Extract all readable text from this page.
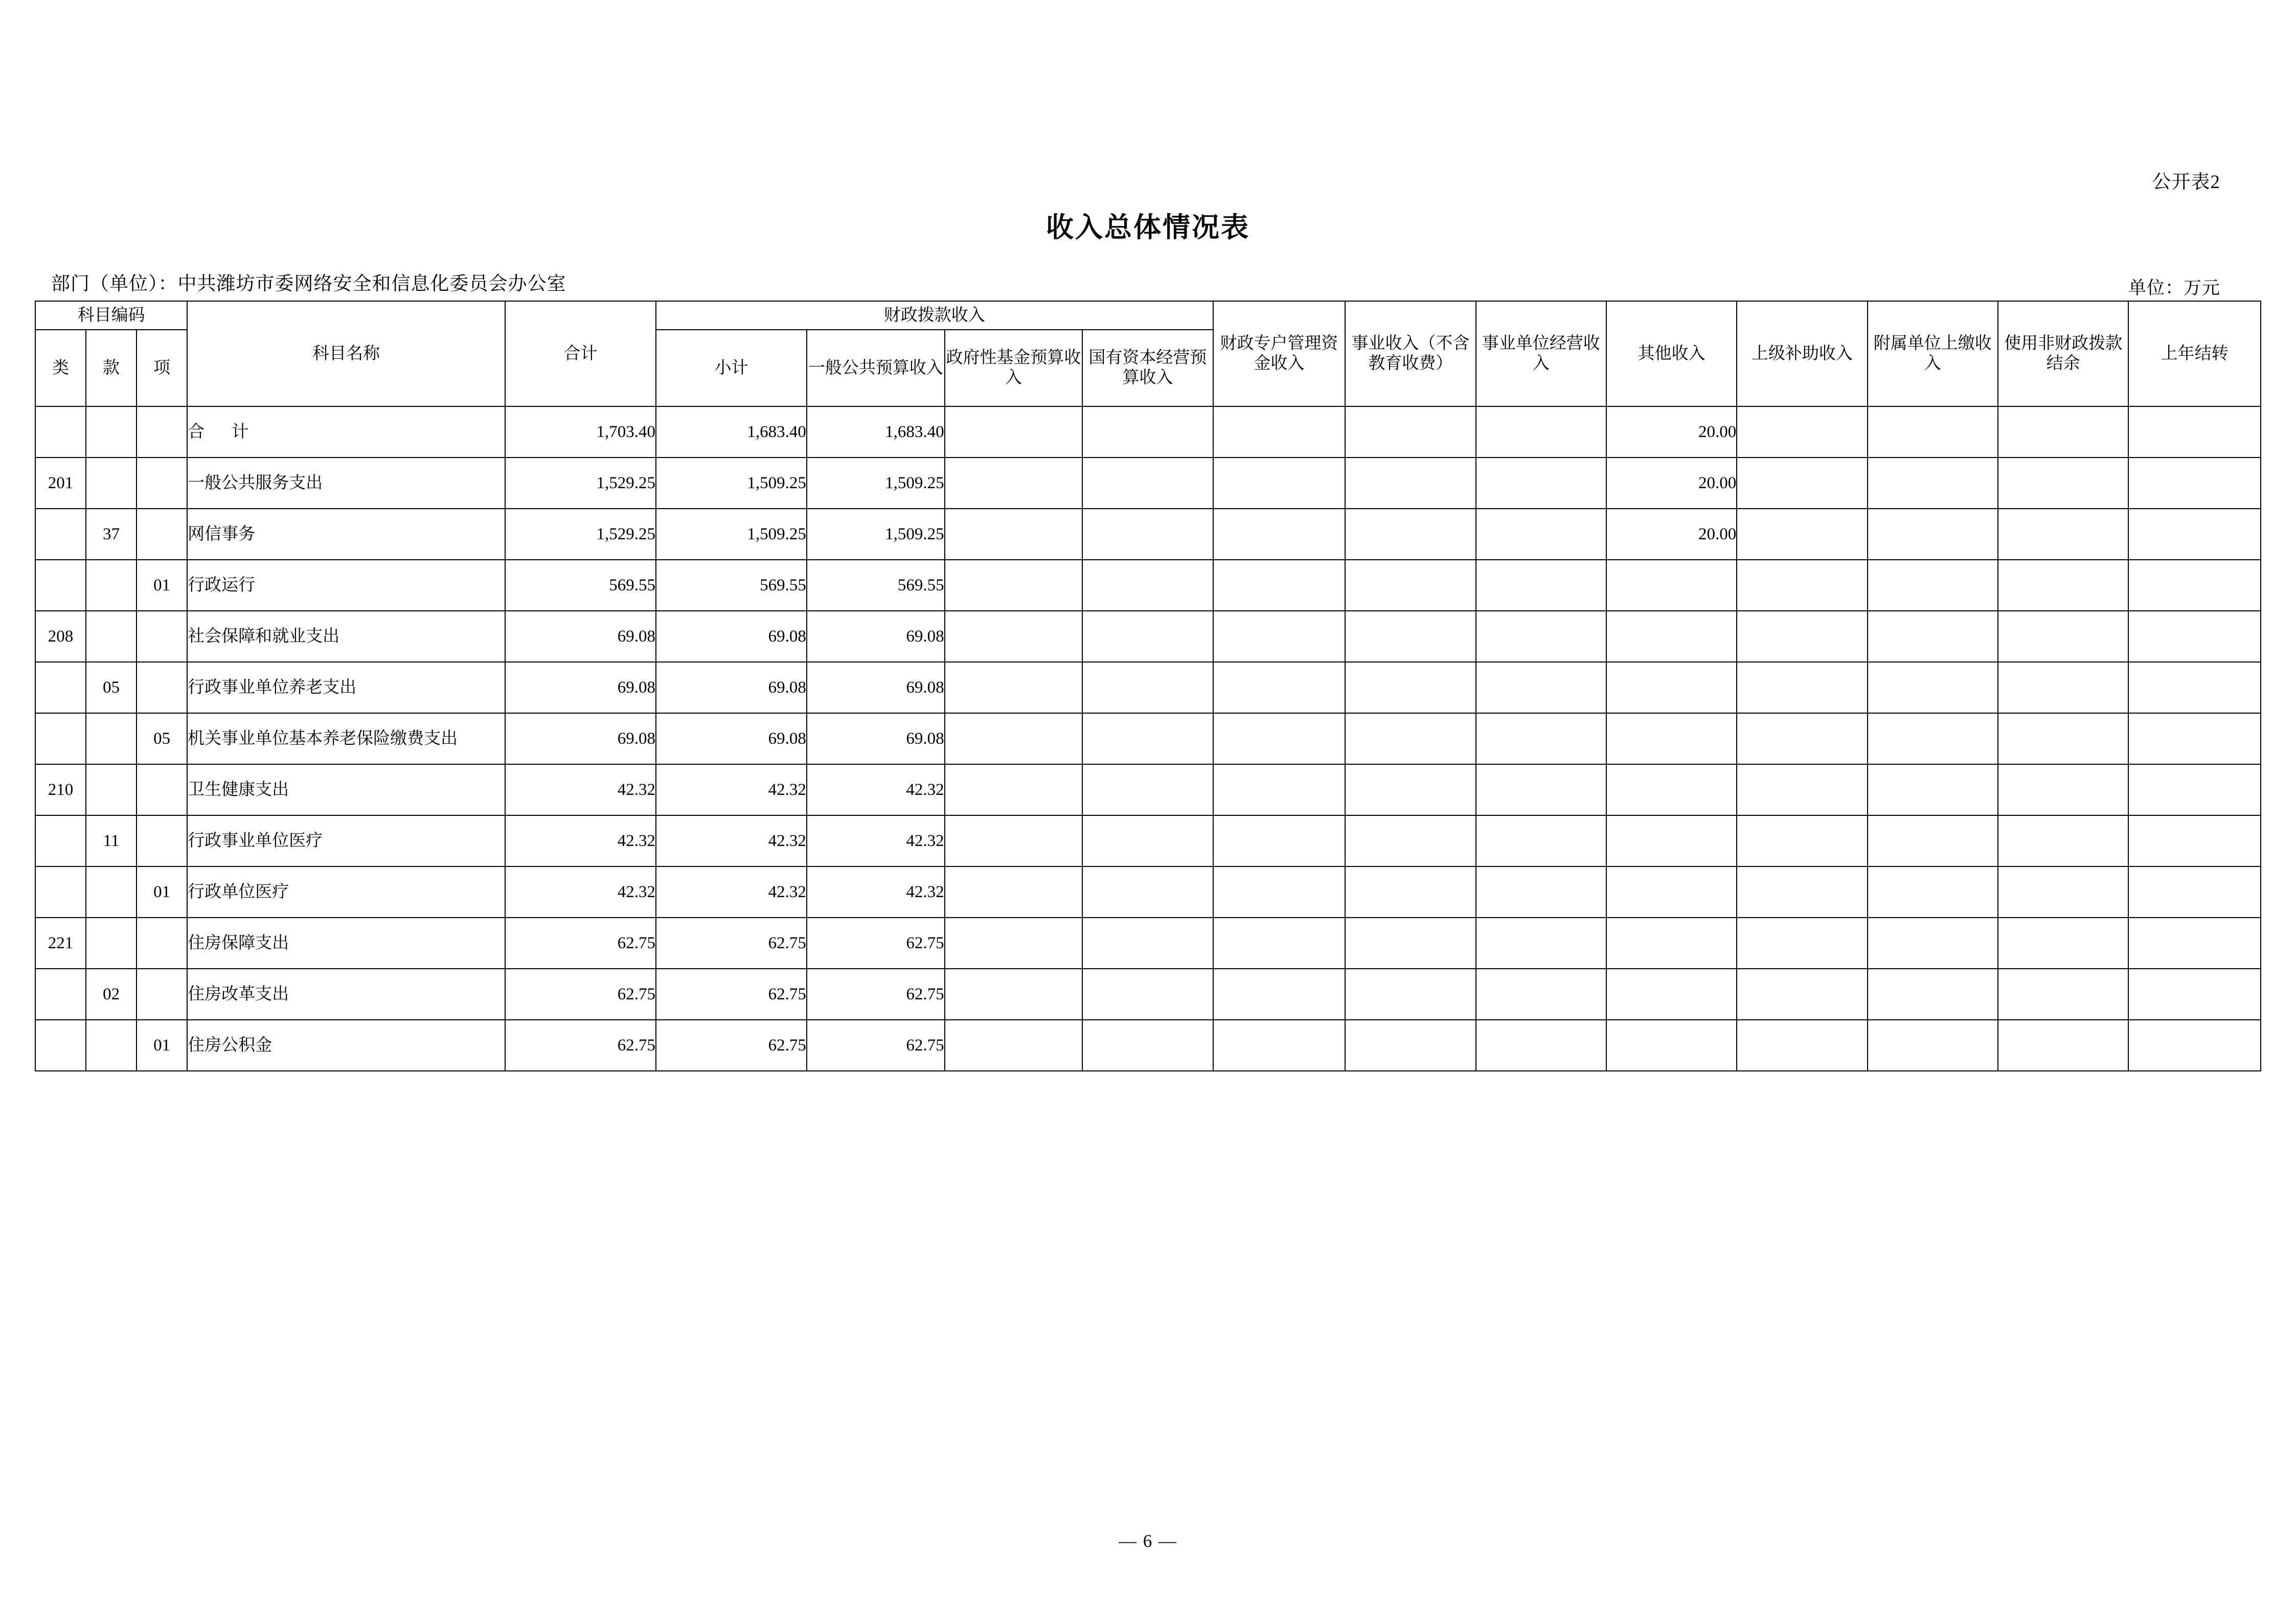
公开表2
收入总体情况表
部门（单位）：中共潍坊市委网络安全和信息化委员会办公室	单位：万元
科目编码			科目名称	合计	财政拨款收入				财政专户管理资金收入	事业收入（不含教育收费）	事业单位经营收入	其他收入	上级补助收入	附属单位上缴收入	使用非财政拨款结余	上年结转
类	款	项			小计	一般公共预算收入	政府性基金预算收入	国有资本经营预算收入								
			合　计	1,703.40	1,683.40	1,683.40						20.00				
201			一般公共服务支出	1,529.25	1,509.25	1,509.25						20.00				
	37		网信事务	1,529.25	1,509.25	1,509.25						20.00				
		01	行政运行	569.55	569.55	569.55										
208			社会保障和就业支出	69.08	69.08	69.08										
	05		行政事业单位养老支出	69.08	69.08	69.08										
		05	机关事业单位基本养老保险缴费支出	69.08	69.08	69.08										
210			卫生健康支出	42.32	42.32	42.32										
	11		行政事业单位医疗	42.32	42.32	42.32										
		01	行政单位医疗	42.32	42.32	42.32										
221			住房保障支出	62.75	62.75	62.75										
	02		住房改革支出	62.75	62.75	62.75										
		01	住房公积金	62.75	62.75	62.75										
— 6 —
